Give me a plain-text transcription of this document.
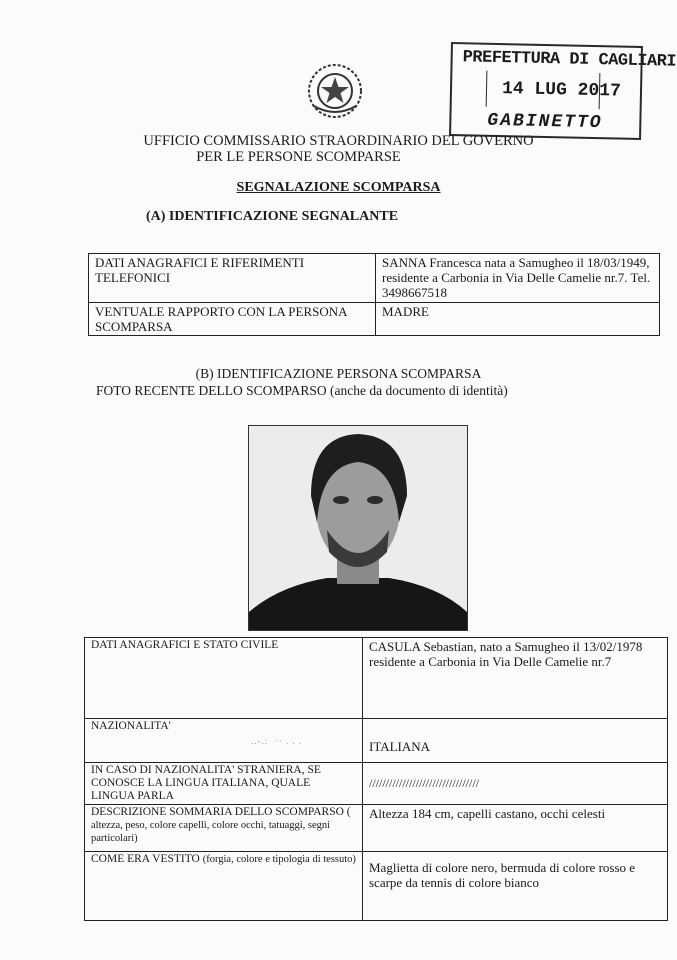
PREFETTURA DI CAGLIARI
14 LUG 2017
GABINETTO
UFFICIO COMMISSARIO STRAORDINARIO DEL GOVERNO
PER LE PERSONE SCOMPARSE
SEGNALAZIONE SCOMPARSA
(A) IDENTIFICAZIONE SEGNALANTE
DATI ANAGRAFICI E RIFERIMENTI TELEFONICI	SANNA Francesca nata a Samugheo il 18/03/1949, residente a Carbonia in Via Delle Camelie nr.7. Tel. 3498667518
VENTUALE RAPPORTO CON LA PERSONA SCOMPARSA	MADRE
(B) IDENTIFICAZIONE PERSONA SCOMPARSA
FOTO RECENTE DELLO SCOMPARSO (anche da documento di identità)
DATI ANAGRAFICI E STATO CIVILE	CASULA Sebastian, nato a Samugheo il 13/02/1978 residente a Carbonia in Via Delle Camelie nr.7
NAZIONALITA'
..-.:  ·· . . .	ITALIANA
IN CASO DI NAZIONALITA' STRANIERA, SE CONOSCE LA LINGUA ITALIANA, QUALE LINGUA PARLA	/////////////////////////////////
DESCRIZIONE SOMMARIA DELLO SCOMPARSO ( altezza, peso, colore capelli, colore occhi, tatuaggi, segni particolari)	Altezza 184 cm, capelli castano, occhi celesti
COME ERA VESTITO (forgia, colore e tipologia di tessuto)	Maglietta di colore nero, bermuda di colore rosso e scarpe da tennis di colore bianco
